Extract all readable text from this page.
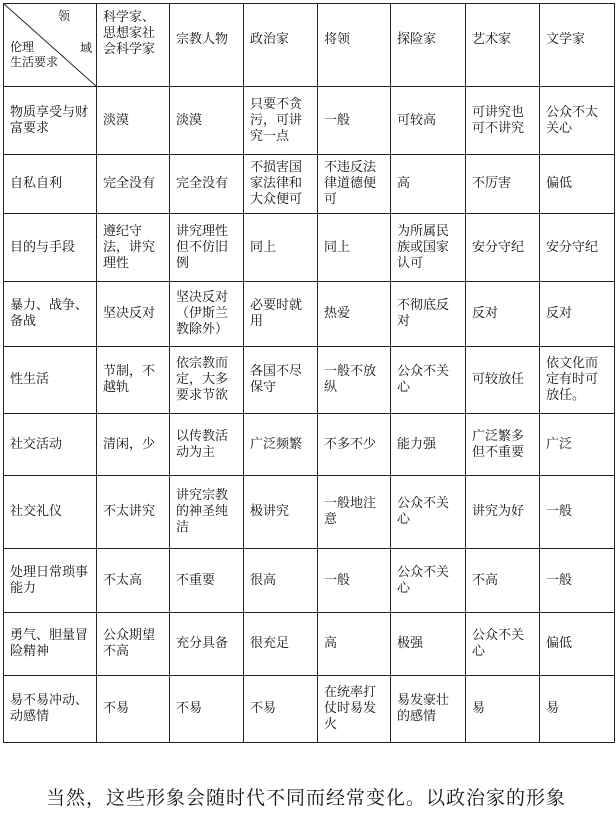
领
域
伦理
生活要求	科学家、思想家社会科学家	宗教人物	政治家	将领	探险家	艺术家	文学家
物质享受与财富要求	淡漠	淡漠	只要不贪污，可讲究一点	一般	可较高	可讲究也可不讲究	公众不太关心
自私自利	完全没有	完全没有	不损害国家法律和大众便可	不违反法律道德便可	高	不厉害	偏低
目的与手段	遵纪守法，讲究理性	讲究理性但不仿旧例	同上	同上	为所属民族或国家认可	安分守纪	安分守纪
暴力、战争、备战	坚决反对	坚决反对（伊斯兰教除外）	必要时就用	热爱	不彻底反对	反对	反对
性生活	节制，不越轨	依宗教而定，大多要求节欲	各国不尽保守	一般不放纵	公众不关心	可较放任	依文化而定有时可放任。
社交活动	清闲，少	以传教活动为主	广泛频繁	不多不少	能力强	广泛繁多但不重要	广泛
社交礼仪	不太讲究	讲究宗教的神圣纯洁	极讲究	一般地注意	公众不关心	讲究为好	一般
处理日常琐事能力	不太高	不重要	很高	一般	公众不关心	不高	一般
勇气、胆量冒险精神	公众期望不高	充分具备	很充足	高	极强	公众不关心	偏低
易不易冲动、动感情	不易	不易	不易	在统率打仗时易发火	易发豪壮的感情	易	易
当然，这些形象会随时代不同而经常变化。以政治家的形象
